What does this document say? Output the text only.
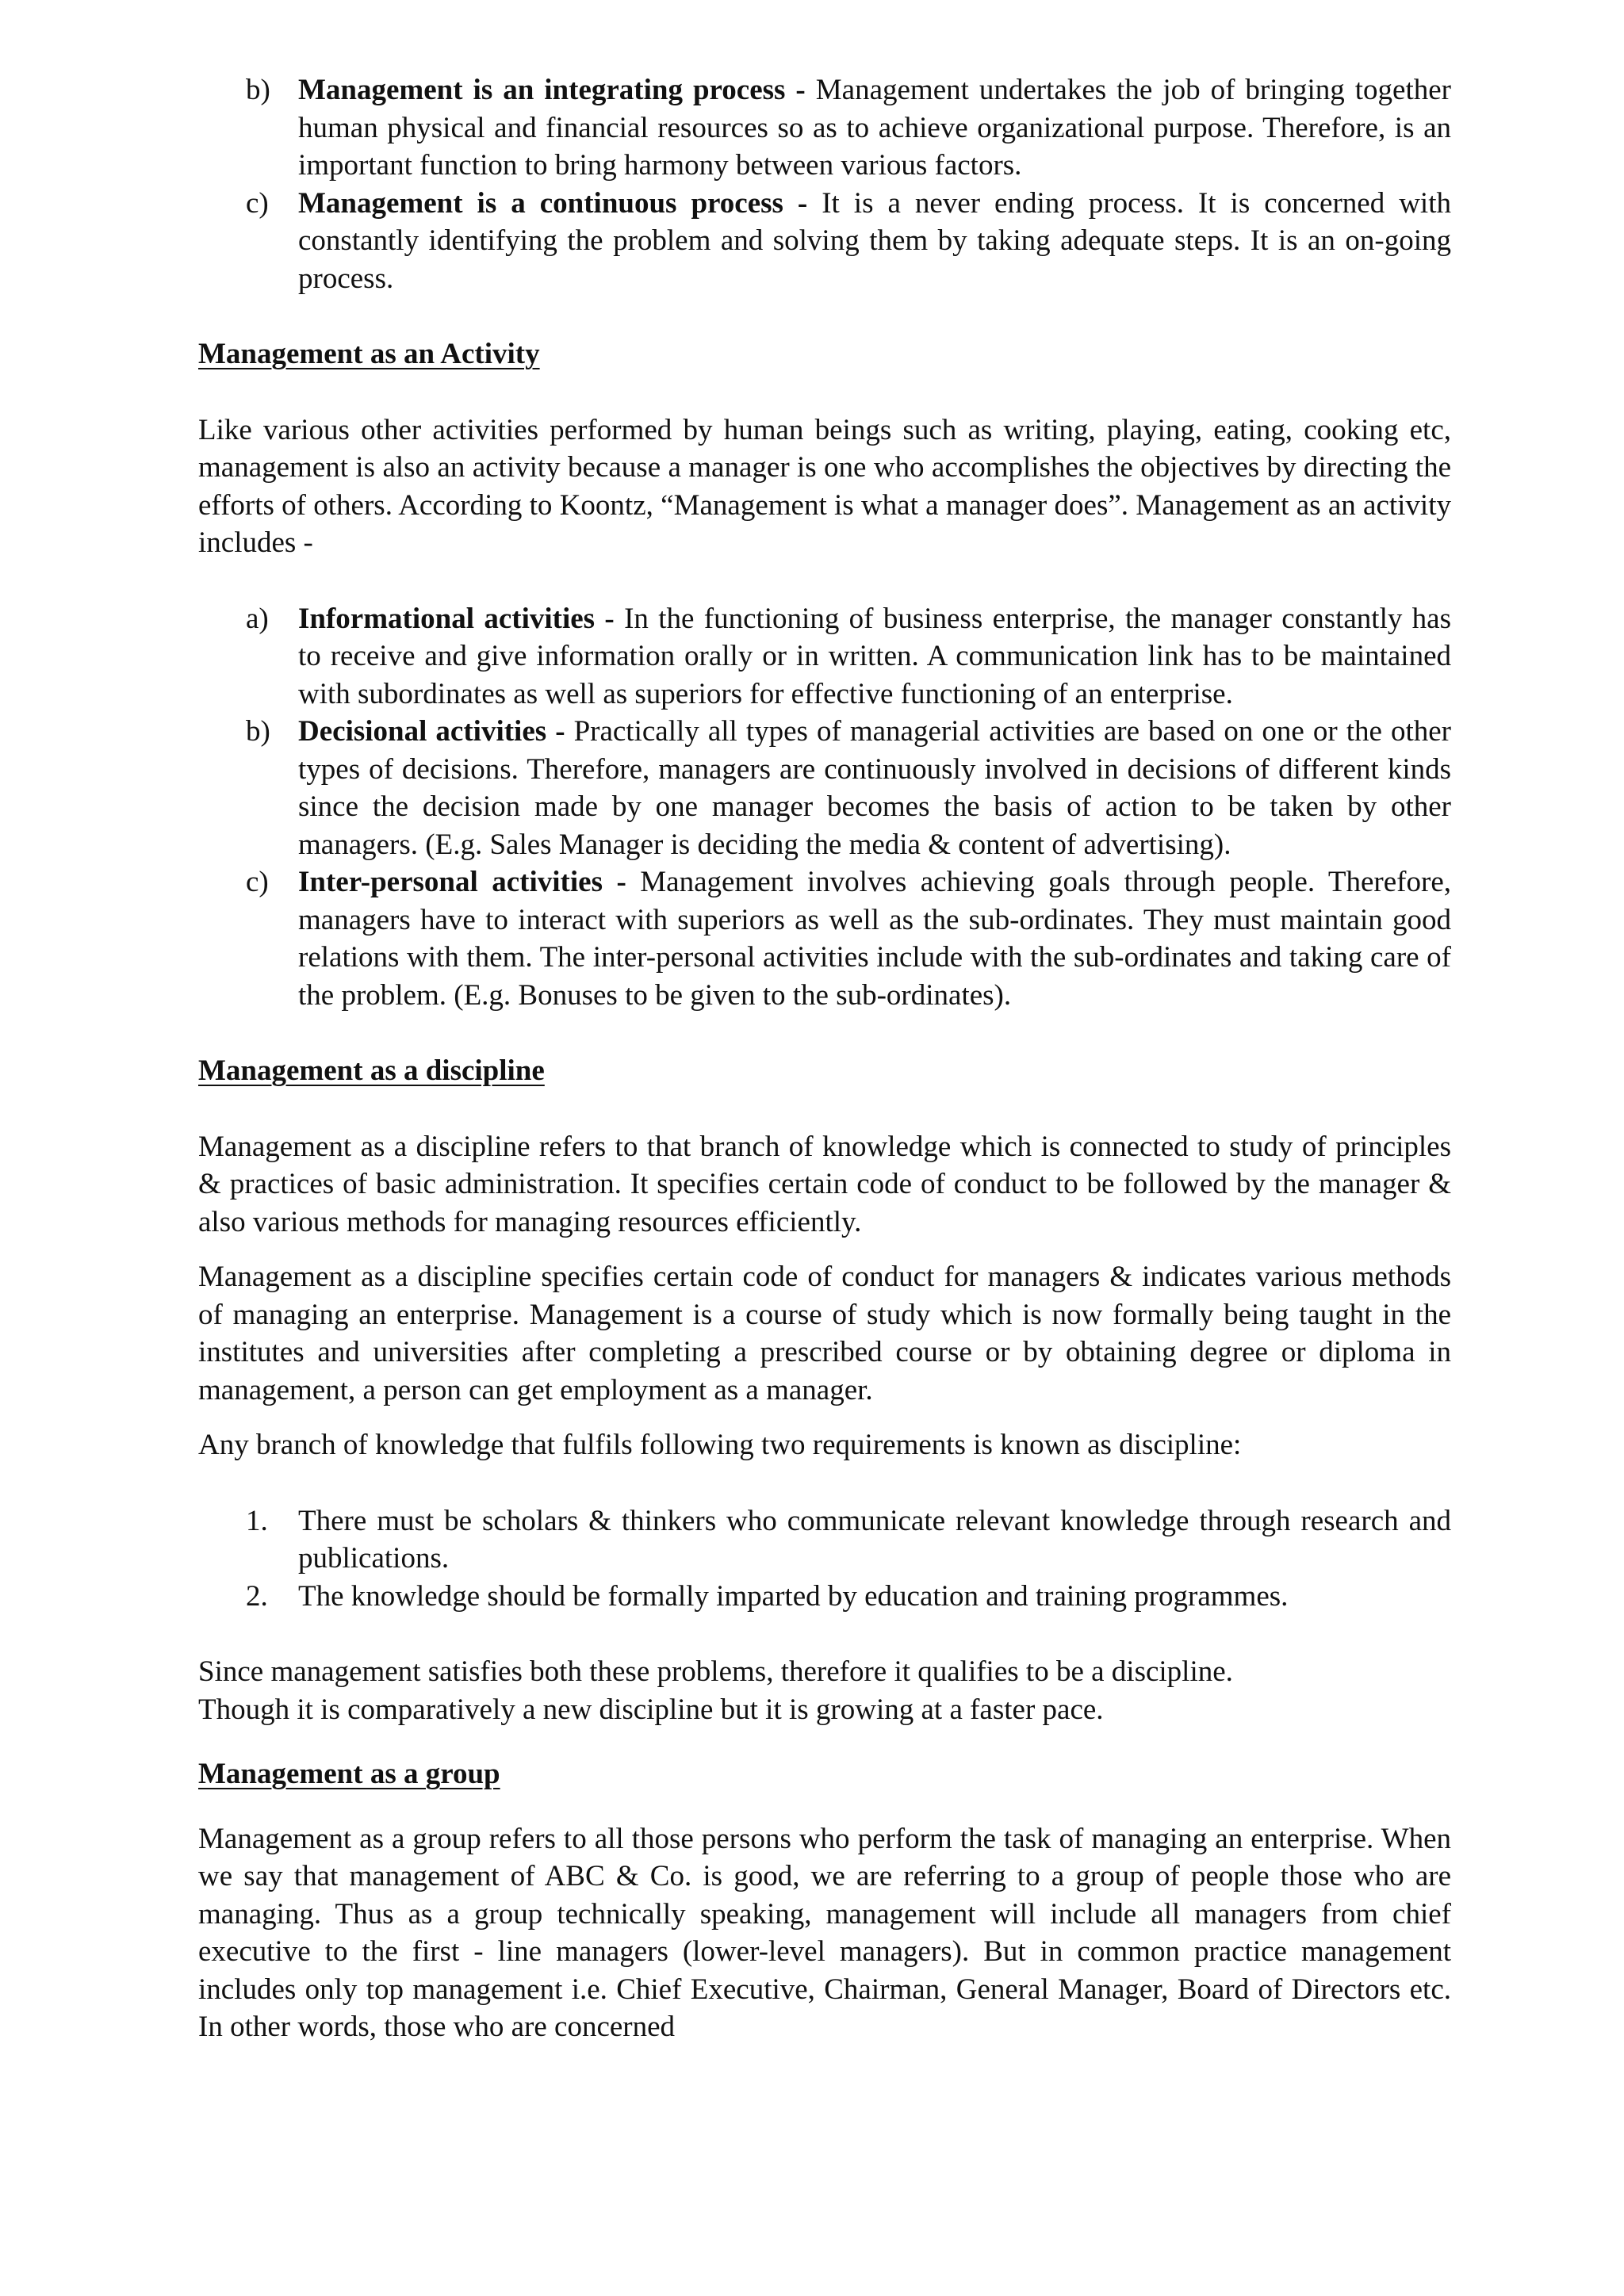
b) Management is an integrating process - Management undertakes the job of bringing together human physical and financial resources so as to achieve organizational purpose. Therefore, is an important function to bring harmony between various factors.
c) Management is a continuous process - It is a never ending process. It is concerned with constantly identifying the problem and solving them by taking adequate steps. It is an on-going process.
Management as an Activity
Like various other activities performed by human beings such as writing, playing, eating, cooking etc, management is also an activity because a manager is one who accomplishes the objectives by directing the efforts of others. According to Koontz, “Management is what a manager does”. Management as an activity includes -
a) Informational activities - In the functioning of business enterprise, the manager constantly has to receive and give information orally or in written. A communication link has to be maintained with subordinates as well as superiors for effective functioning of an enterprise.
b) Decisional activities - Practically all types of managerial activities are based on one or the other types of decisions. Therefore, managers are continuously involved in decisions of different kinds since the decision made by one manager becomes the basis of action to be taken by other managers. (E.g. Sales Manager is deciding the media & content of advertising).
c) Inter-personal activities - Management involves achieving goals through people. Therefore, managers have to interact with superiors as well as the sub-ordinates. They must maintain good relations with them. The inter-personal activities include with the sub-ordinates and taking care of the problem. (E.g. Bonuses to be given to the sub-ordinates).
Management as a discipline
Management as a discipline refers to that branch of knowledge which is connected to study of principles & practices of basic administration. It specifies certain code of conduct to be followed by the manager & also various methods for managing resources efficiently.
Management as a discipline specifies certain code of conduct for managers & indicates various methods of managing an enterprise. Management is a course of study which is now formally being taught in the institutes and universities after completing a prescribed course or by obtaining degree or diploma in management, a person can get employment as a manager.
Any branch of knowledge that fulfils following two requirements is known as discipline:
1. There must be scholars & thinkers who communicate relevant knowledge through research and publications.
2. The knowledge should be formally imparted by education and training programmes.
Since management satisfies both these problems, therefore it qualifies to be a discipline.
Though it is comparatively a new discipline but it is growing at a faster pace.
Management as a group
Management as a group refers to all those persons who perform the task of managing an enterprise. When we say that management of ABC & Co. is good, we are referring to a group of people those who are managing. Thus as a group technically speaking, management will include all managers from chief executive to the first - line managers (lower-level managers). But in common practice management includes only top management i.e. Chief Executive, Chairman, General Manager, Board of Directors etc. In other words, those who are concerned
